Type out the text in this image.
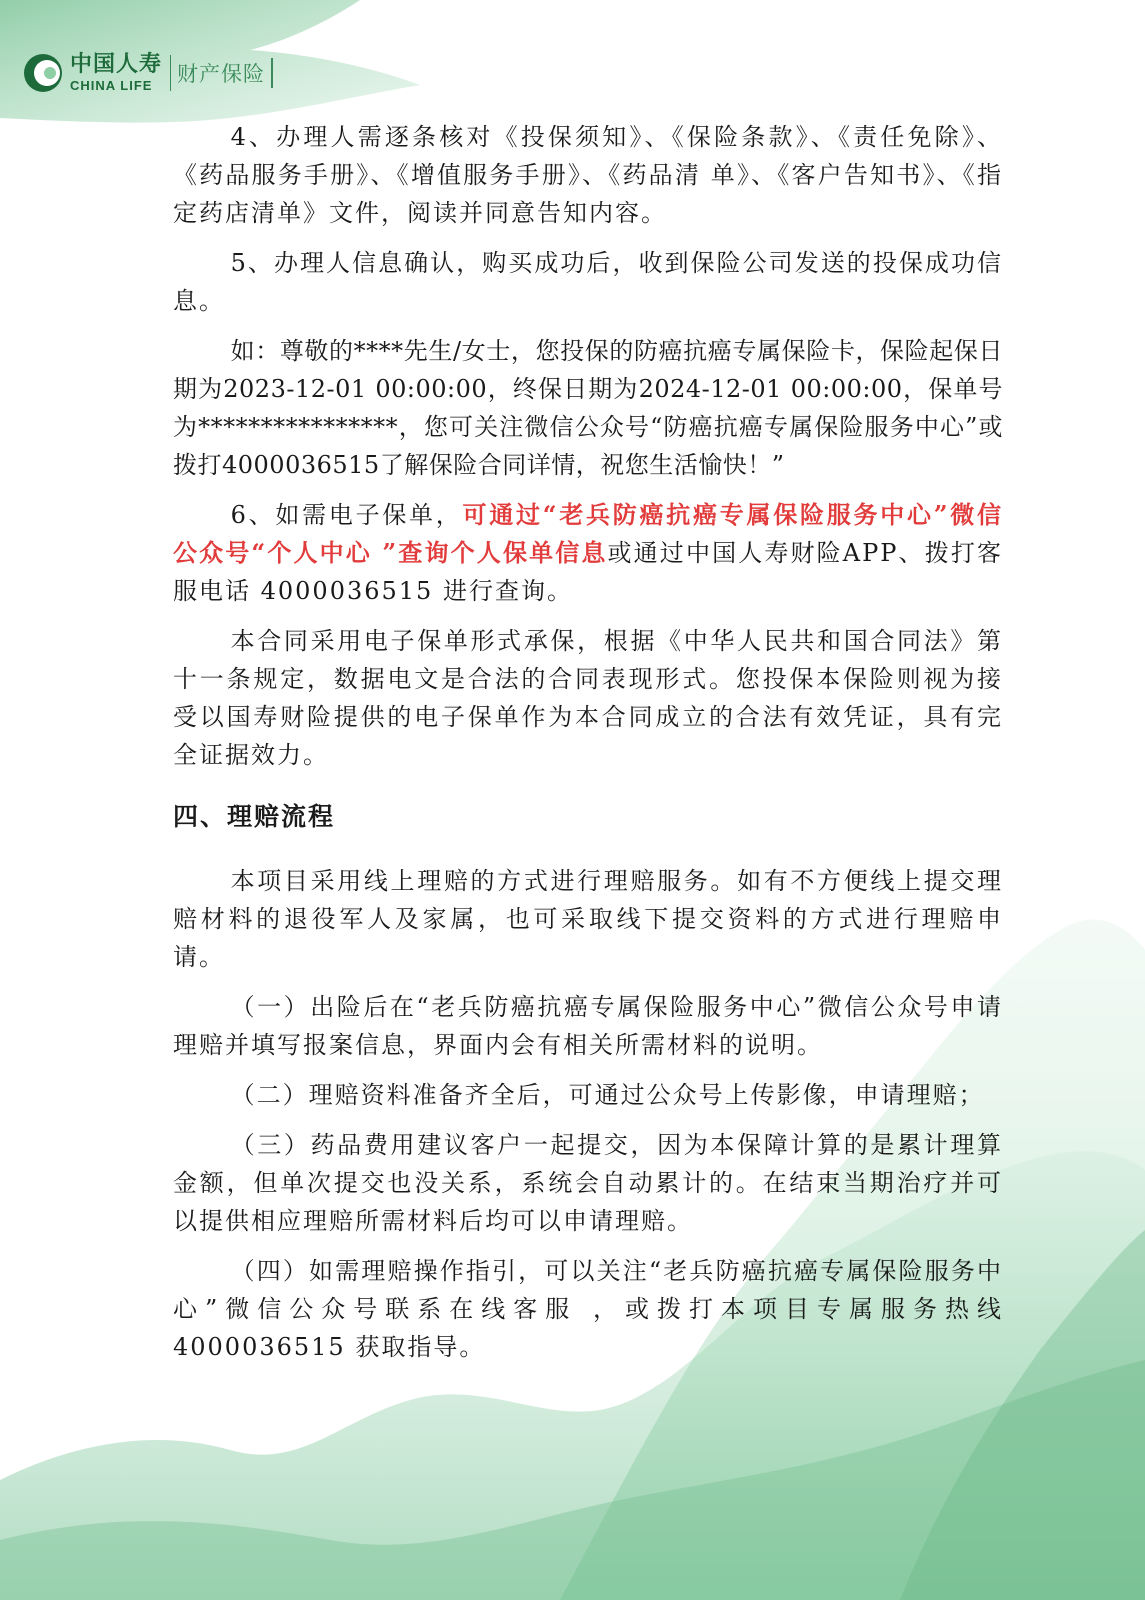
中国人寿
CHINA LIFE	财产保险

4、办理人需逐条核对《投保须知》、《保险条款》、《责任免除》、《药品服务手册》、《增值服务手册》、《药品清 单》、《客户告知书》、《指定药店清单》文件，阅读并同意告知内容。

5、办理人信息确认，购买成功后，收到保险公司发送的投保成功信息。

如：尊敬的****先生/女士，您投保的防癌抗癌专属保险卡，保险起保日期为2023-12-01 00:00:00，终保日期为2024-12-01 00:00:00，保单号为****************，您可关注微信公众号“防癌抗癌专属保险服务中心”或拨打4000036515了解保险合同详情，祝您生活愉快！”

6、如需电子保单，可通过“老兵防癌抗癌专属保险服务中心”微信公众号“个人中心 ”查询个人保单信息或通过中国人寿财险APP、拨打客服电话 4000036515 进行查询。

本合同采用电子保单形式承保，根据《中华人民共和国合同法》第十一条规定，数据电文是合法的合同表现形式。您投保本保险则视为接受以国寿财险提供的电子保单作为本合同成立的合法有效凭证，具有完全证据效力。

四、理赔流程

本项目采用线上理赔的方式进行理赔服务。如有不方便线上提交理赔材料的退役军人及家属，也可采取线下提交资料的方式进行理赔申请。

（一）出险后在“老兵防癌抗癌专属保险服务中心”微信公众号申请理赔并填写报案信息，界面内会有相关所需材料的说明。

（二）理赔资料准备齐全后，可通过公众号上传影像，申请理赔；

（三）药品费用建议客户一起提交，因为本保障计算的是累计理算金额，但单次提交也没关系，系统会自动累计的。在结束当期治疗并可以提供相应理赔所需材料后均可以申请理赔。

（四）如需理赔操作指引，可以关注“老兵防癌抗癌专属保险服务中心”微信公众号联系在线客服 ，或拨打本项目专属服务热线 4000036515 获取指导。
